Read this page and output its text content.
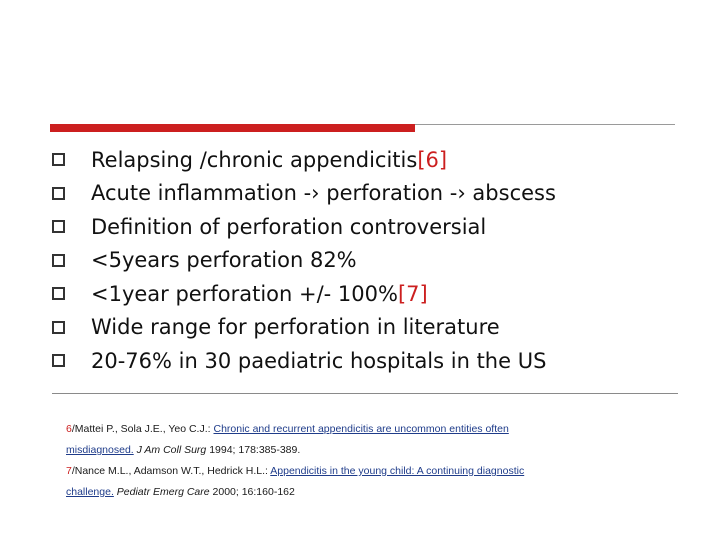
Relapsing /chronic appendicitis [6]
Acute inflammation -› perforation -› abscess
Definition of perforation controversial
<5years perforation 82%
<1year perforation +/- 100% [7]
Wide range for perforation in literature
20-76% in 30 paediatric hospitals in the US

6/Mattei P., Sola J.E., Yeo C.J.: Chronic and recurrent appendicitis are uncommon entities often

misdiagnosed. J Am Coll Surg 1994; 178:385-389.

7/Nance M.L., Adamson W.T., Hedrick H.L.: Appendicitis in the young child: A continuing diagnostic

challenge. Pediatr Emerg Care 2000; 16:160-162
